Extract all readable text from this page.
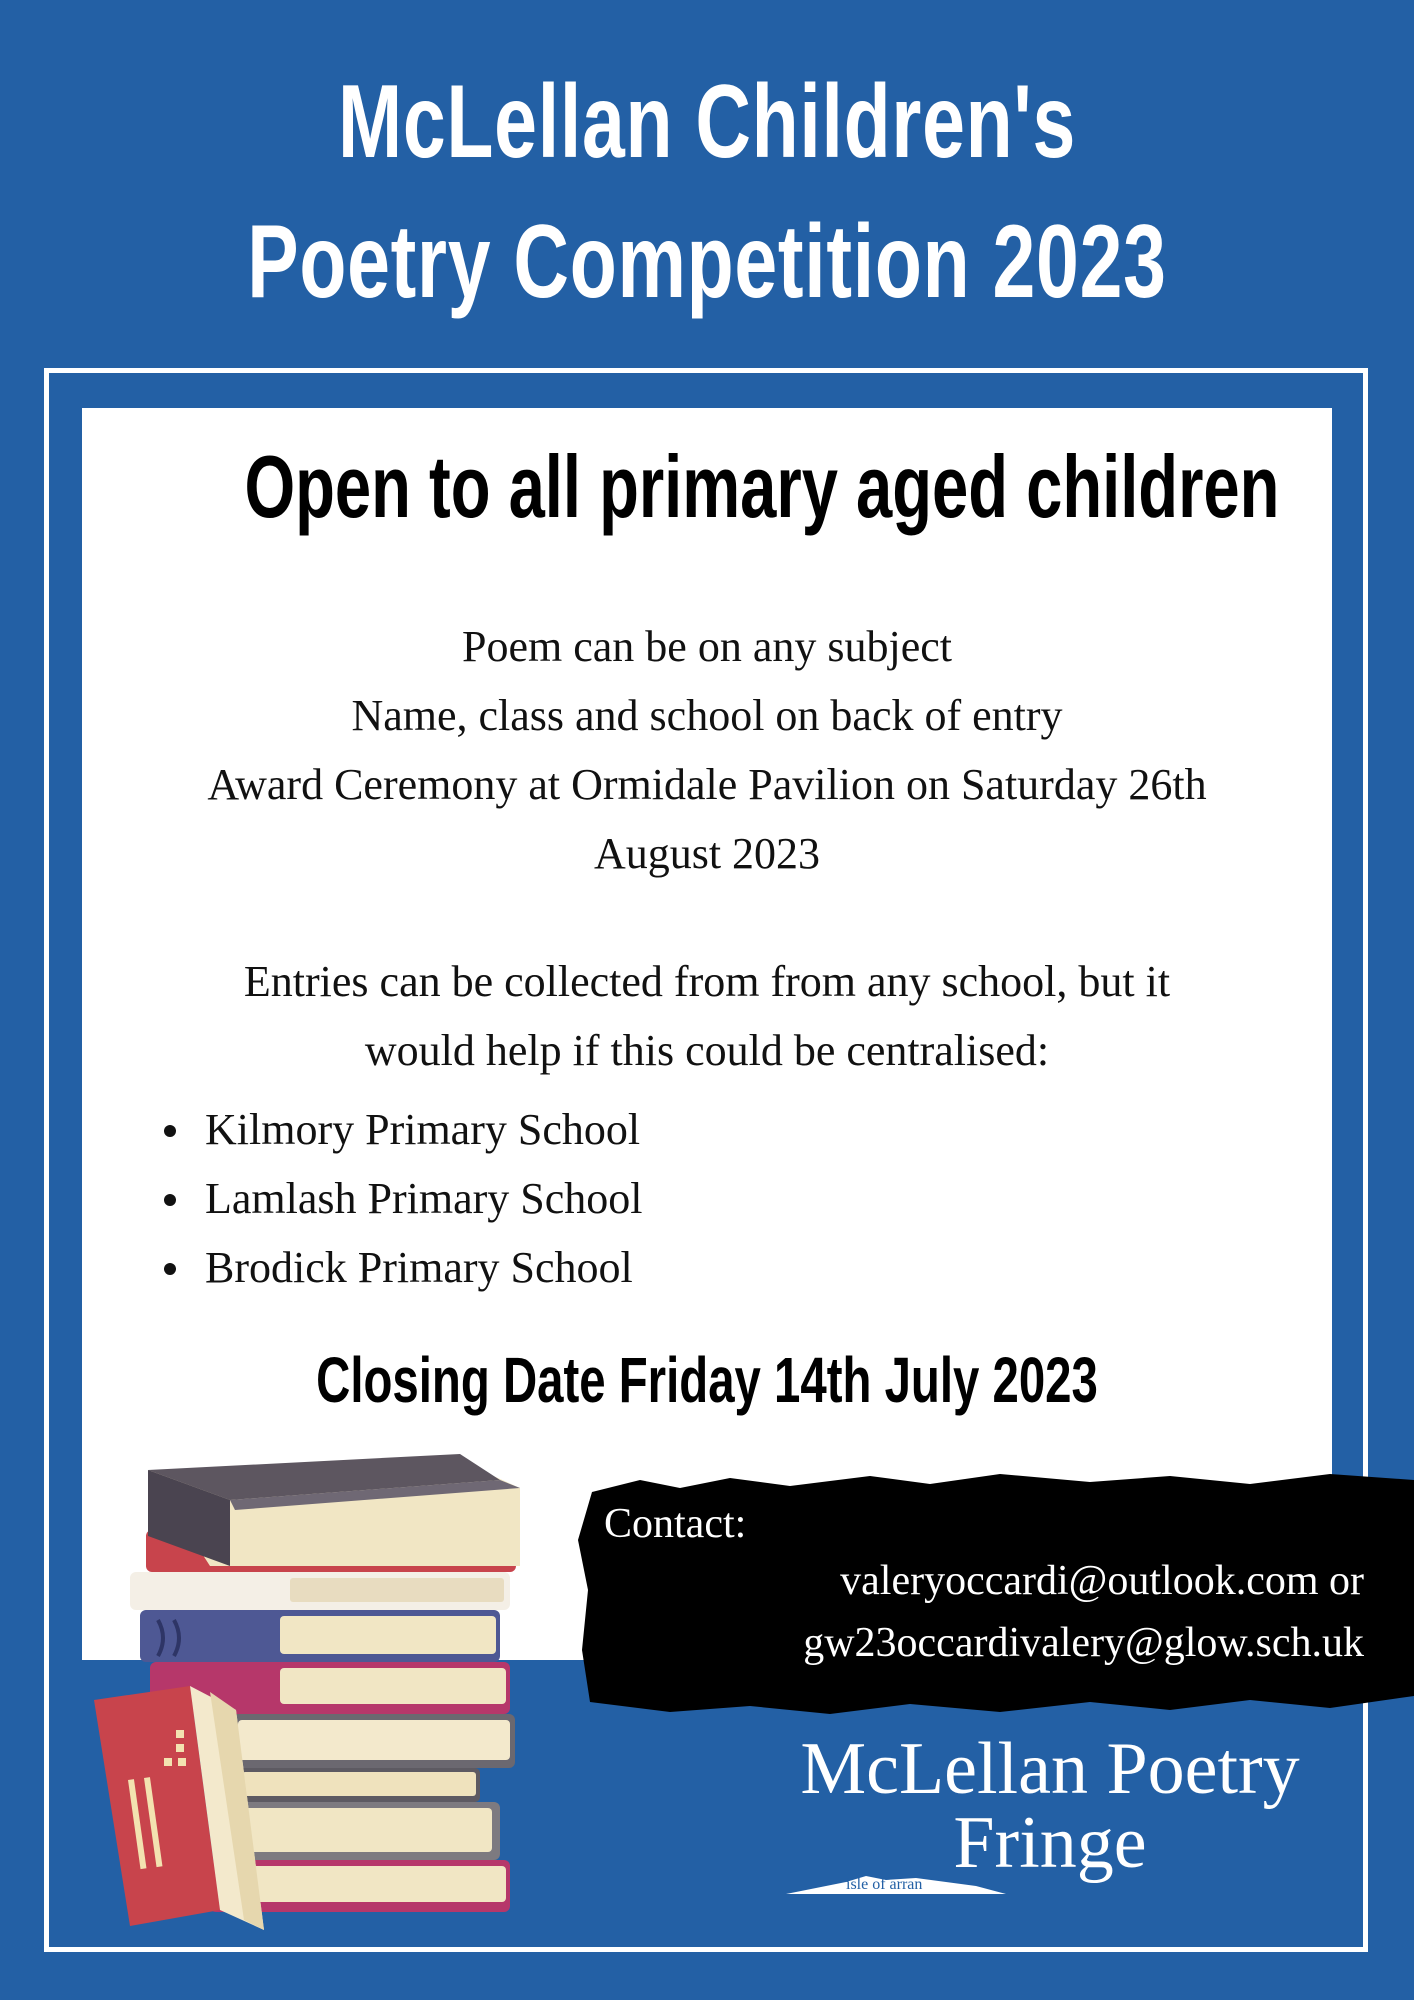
McLellan Children's
Poetry Competition 2023
Open to all primary aged children
Poem can be on any subject
Name, class and school on back of entry
Award Ceremony at Ormidale Pavilion on Saturday 26th
August 2023
Entries can be collected from from any school, but it
would help if this could be centralised:
Kilmory Primary School
Lamlash Primary School
Brodick Primary School
Closing Date Friday 14th July 2023
Contact:
valeryoccardi@outlook.com or
gw23occardivalery@glow.sch.uk
McLellan Poetry
Fringe
isle of arran
